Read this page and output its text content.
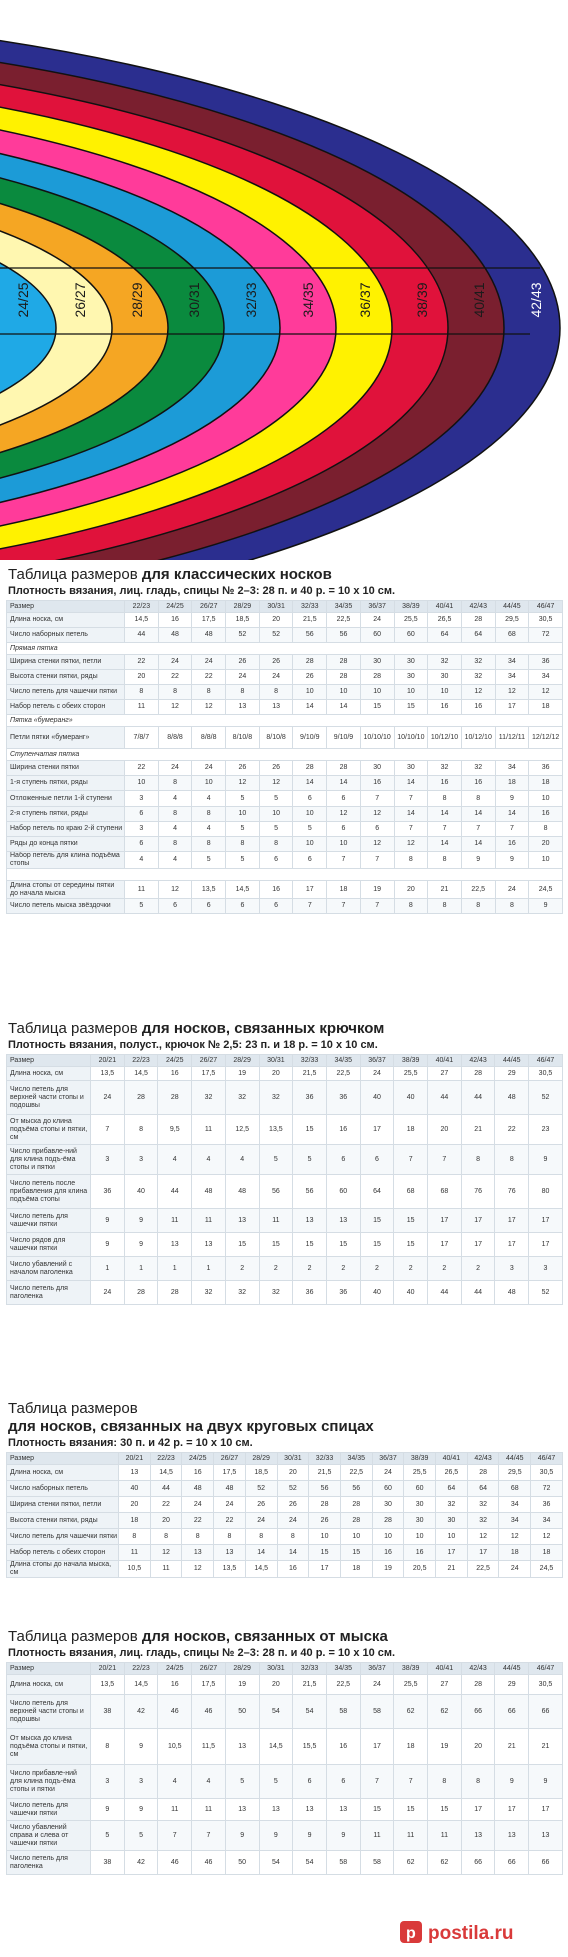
24/25	26/27	28/29	30/31	32/33	34/35	36/37	38/39	40/41	42/43
Таблица размеров для классических носков
Плотность вязания, лиц. гладь, спицы № 2–3: 28 п. и 40 р. = 10 х 10 см.
Размер	22/23	24/25	26/27	28/29	30/31	32/33	34/35	36/37	38/39	40/41	42/43	44/45	46/47
Длина носка, см	14,5	16	17,5	18,5	20	21,5	22,5	24	25,5	26,5	28	29,5	30,5
Число наборных петель	44	48	48	52	52	56	56	60	60	64	64	68	72
Прямая пятка													
Ширина стенки пятки, петли	22	24	24	26	26	28	28	30	30	32	32	34	36
Высота стенки пятки, ряды	20	22	22	24	24	26	28	28	30	30	32	34	34
Число петель для чашечки пятки	8	8	8	8	8	10	10	10	10	10	12	12	12
Набор петель с обеих сторон	11	12	12	13	13	14	14	15	15	16	16	17	18
Пятка «бумеранг»													
Петли пятки «бумеранг»	7/8/7	8/8/8	8/8/8	8/10/8	8/10/8	9/10/9	9/10/9	10/10/10	10/10/10	10/12/10	10/12/10	11/12/11	12/12/12
Ступенчатая пятка													
Ширина стенки пятки	22	24	24	26	26	28	28	30	30	32	32	34	36
1-я ступень пятки, ряды	10	8	10	12	12	14	14	16	14	16	16	18	18
Отложенные петли 1-й ступени	3	4	4	5	5	6	6	7	7	8	8	9	10
2-я ступень пятки, ряды	6	8	8	10	10	10	12	12	14	14	14	14	16
Набор петель по краю 2-й ступени	3	4	4	5	5	5	6	6	7	7	7	7	8
Ряды до конца пятки	6	8	8	8	8	10	10	12	12	14	14	16	20
Набор петель для клина подъёма стопы	4	4	5	5	6	6	7	7	8	8	9	9	10

Длина стопы от середины пятки до начала мыска	11	12	13,5	14,5	16	17	18	19	20	21	22,5	24	24,5
Число петель мыска звёздочки	5	6	6	6	6	7	7	7	8	8	8	8	9
Таблица размеров для носков, связанных крючком
Плотность вязания, полуст., крючок № 2,5: 23 п. и 18 р. = 10 х 10 см.
Размер	20/21	22/23	24/25	26/27	28/29	30/31	32/33	34/35	36/37	38/39	40/41	42/43	44/45	46/47
Длина носка, см	13,5	14,5	16	17,5	19	20	21,5	22,5	24	25,5	27	28	29	30,5
Число петель для верхней части стопы и подошвы	24	28	28	32	32	32	36	36	40	40	44	44	48	52
От мыска до клина подъёма стопы и пятки, см	7	8	9,5	11	12,5	13,5	15	16	17	18	20	21	22	23
Число прибавле-ний для клина подъ-ёма стопы и пятки	3	3	4	4	4	5	5	6	6	7	7	8	8	9
Число петель после прибавления для клина подъёма стопы	36	40	44	48	48	56	56	60	64	68	68	76	76	80
Число петель для чашечки пятки	9	9	11	11	13	11	13	13	15	15	17	17	17	17
Число рядов для чашечки пятки	9	9	13	13	15	15	15	15	15	15	17	17	17	17
Число убавлений с началом паголенка	1	1	1	1	2	2	2	2	2	2	2	2	3	3
Число петель для паголенка	24	28	28	32	32	32	36	36	40	40	44	44	48	52
Таблица размеров
для носков, связанных на двух круговых спицах
Плотность вязания: 30 п. и 42 р. = 10 х 10 см.
Размер	20/21	22/23	24/25	26/27	28/29	30/31	32/33	34/35	36/37	38/39	40/41	42/43	44/45	46/47
Длина носка, см	13	14,5	16	17,5	18,5	20	21,5	22,5	24	25,5	26,5	28	29,5	30,5
Число наборных петель	40	44	48	48	52	52	56	56	60	60	64	64	68	72
Ширина стенки пятки, петли	20	22	24	24	26	26	28	28	30	30	32	32	34	36
Высота стенки пятки, ряды	18	20	22	22	24	24	26	28	28	30	30	32	34	34
Число петель для чашечки пятки	8	8	8	8	8	8	10	10	10	10	10	12	12	12
Набор петель с обеих сторон	11	12	13	13	14	14	15	15	16	16	17	17	18	18
Длина стопы до начала мыска, см	10,5	11	12	13,5	14,5	16	17	18	19	20,5	21	22,5	24	24,5
Таблица размеров для носков, связанных от мыска
Плотность вязания, лиц. гладь, спицы № 2–3: 28 п. и 40 р. = 10 х 10 см.
Размер	20/21	22/23	24/25	26/27	28/29	30/31	32/33	34/35	36/37	38/39	40/41	42/43	44/45	46/47
Длина носка, см	13,5	14,5	16	17,5	19	20	21,5	22,5	24	25,5	27	28	29	30,5
Число петель для верхней части стопы и подошвы	38	42	46	46	50	54	54	58	58	62	62	66	66	66
От мыска до клина подъёма стопы и пятки, см	8	9	10,5	11,5	13	14,5	15,5	16	17	18	19	20	21	21
Число прибавле-ний для клина подъ-ёма стопы и пятки	3	3	4	4	5	5	6	6	7	7	8	8	9	9
Число петель для чашечки пятки	9	9	11	11	13	13	13	13	15	15	15	17	17	17
Число убавлений справа и слева от чашечки пятки	5	5	7	7	9	9	9	9	11	11	11	13	13	13
Число петель для паголенка	38	42	46	46	50	54	54	58	58	62	62	66	66	66
p postila.ru
